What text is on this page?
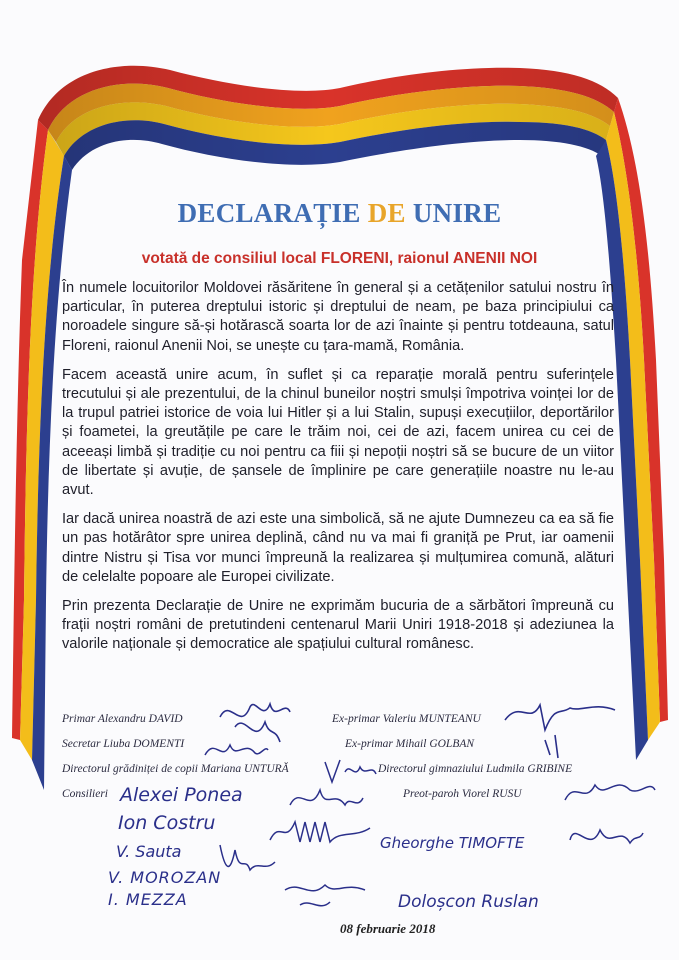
DECLARAȚIE DE UNIRE
votată de consiliul local FLORENI, raionul ANENII NOI

În numele locuitorilor Moldovei răsăritene în general și a cetățenilor satului nostru în particular, în puterea dreptului istoric și dreptului de neam, pe baza principiului ca noroadele singure să-și hotărască soarta lor de azi înainte și pentru totdeauna, satul Floreni, raionul Anenii Noi, se unește cu țara-mamă, România.

Facem această unire acum, în suflet și ca reparație morală pentru suferințele trecutului și ale prezentului, de la chinul buneilor noștri smulși împotriva voinței lor de la trupul patriei istorice de voia lui Hitler și a lui Stalin, supuși execuțiilor, deportărilor și foametei, la greutățile pe care le trăim noi, cei de azi, facem unirea cu cei de aceeași limbă și tradiție cu noi pentru ca fiii și nepoții noștri să se bucure de un viitor de libertate și avuție, de șansele de împlinire pe care generațiile noastre nu le-au avut.

Iar dacă unirea noastră de azi este una simbolică, să ne ajute Dumnezeu ca ea să fie un pas hotărâtor spre unirea deplină, când nu va mai fi graniță pe Prut, iar oamenii dintre Nistru și Tisa vor munci împreună la realizarea și mulțumirea comună, alături de celelalte popoare ale Europei civilizate.

Prin prezenta Declarație de Unire ne exprimăm bucuria de a sărbători împreună cu frații noștri români de pretutindeni centenarul Marii Uniri 1918-2018 și adeziunea la valorile naționale și democratice ale spațiului cultural românesc.

Primar Alexandru DAVID	Ex-primar Valeriu MUNTEANU
Secretar Liuba DOMENTI	Ex-primar Mihail GOLBAN
Directorul grădiniței de copii Mariana UNTURĂ	Directorul gimnaziului Ludmila GRIBINE
Consilieri	Preot-paroh Viorel RUSU
Alexei Ponea
Ion Costru
V. Sauta
V. MOROZAN
I. MEZZA
Gheorghe TIMOFTE
Doloșcon Ruslan
08 februarie 2018
